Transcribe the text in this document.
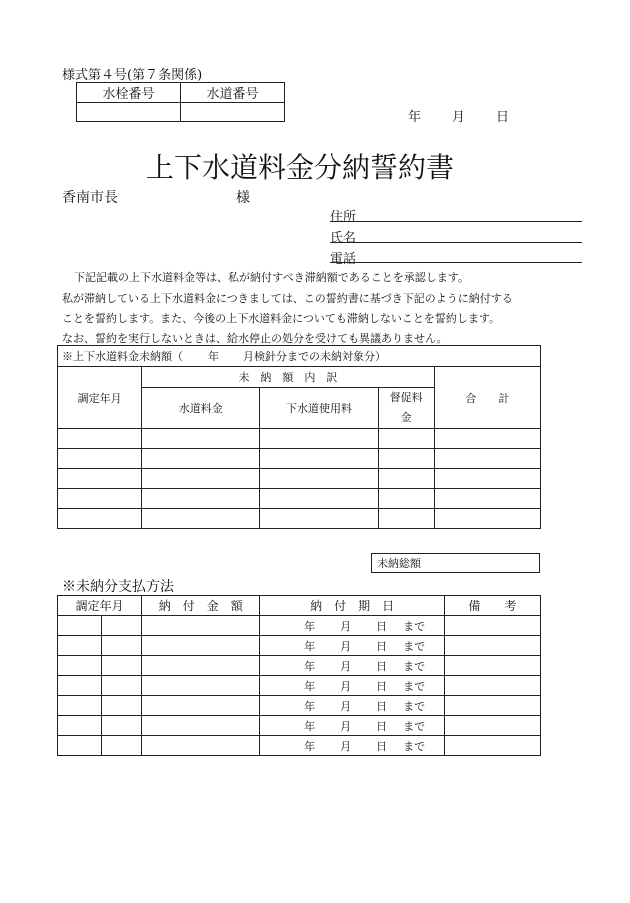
様式第４号(第７条関係)
水栓番号	水道番号

年 月 日
上下水道料金分納誓約書
香南市長	様
住所
氏名
電話
下記記載の上下水道料金等は、私が納付すべき滞納額であることを承認します。
私が滞納している上下水道料金につきましては、この誓約書に基づき下記のように納付する
ことを誓約します。また、今後の上下水道料金についても滞納しないことを誓約します。
なお、誓約を実行しないときは、給水停止の処分を受けても異議ありません。
※上下水道料金未納額（ 年 月検針分までの未納対象分）				
調定年月	未　納　額　内　訳			合　　計
	水道料金	下水道使用料	督促料
金	

未納総額
※未納分支払方法
調定年月		納　付　金　額	納　付　期　日	備　　考
			年 月 日 まで	
			年 月 日 まで	
			年 月 日 まで	
			年 月 日 まで	
			年 月 日 まで	
			年 月 日 まで	
			年 月 日 まで	
